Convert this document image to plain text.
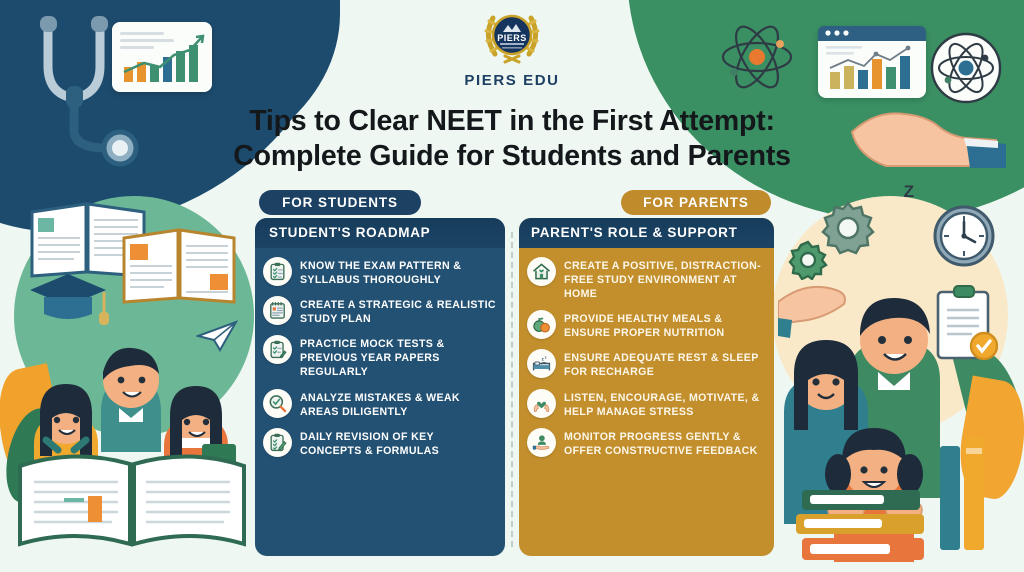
PIERS
PIERS EDU
Tips to Clear NEET in the First Attempt:
Complete Guide for Students and Parents
FOR STUDENTS	FOR PARENTS
Z
STUDENT'S ROADMAP
KNOW THE EXAM PATTERN & SYLLABUS THOROUGHLY
CREATE A STRATEGIC & REALISTIC STUDY PLAN
PRACTICE MOCK TESTS & PREVIOUS YEAR PAPERS REGULARLY
ANALYZE MISTAKES & WEAK AREAS DILIGENTLY
DAILY REVISION OF KEY CONCEPTS & FORMULAS
PARENT'S ROLE & SUPPORT
CREATE A POSITIVE, DISTRACTION-FREE STUDY ENVIRONMENT AT HOME
PROVIDE HEALTHY MEALS & ENSURE PROPER NUTRITION
z
z ENSURE ADEQUATE REST & SLEEP FOR RECHARGE
LISTEN, ENCOURAGE, MOTIVATE, & HELP MANAGE STRESS
MONITOR PROGRESS GENTLY & OFFER CONSTRUCTIVE FEEDBACK
